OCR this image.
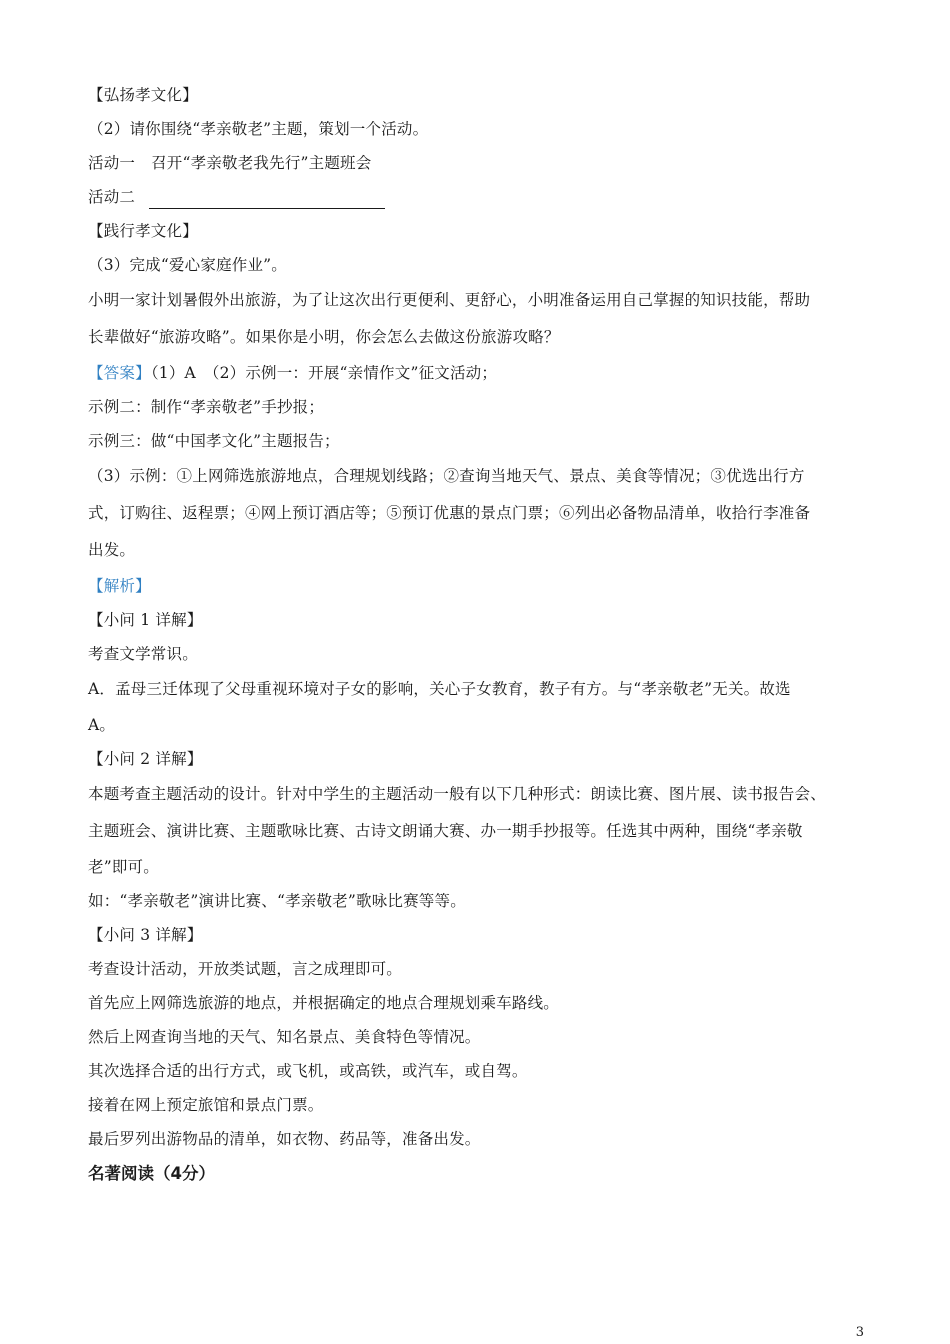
【弘扬孝文化】
（2）请你围绕“孝亲敬老”主题，策划一个活动。
活动一 召开“孝亲敬老我先行”主题班会
活动二
【践行孝文化】
（3）完成“爱心家庭作业”。
小明一家计划暑假外出旅游，为了让这次出行更便利、更舒心，小明准备运用自己掌握的知识技能，帮助
长辈做好“旅游攻略”。如果你是小明，你会怎么去做这份旅游攻略？
【答案】（1）A　（2）示例一：开展“亲情作文”征文活动；
示例二：制作“孝亲敬老”手抄报；
示例三：做“中国孝文化”主题报告；
（3）示例：①上网筛选旅游地点，合理规划线路；②查询当地天气、景点、美食等情况；③优选出行方
式，订购往、返程票；④网上预订酒店等；⑤预订优惠的景点门票；⑥列出必备物品清单，收拾行李准备
出发。
【解析】
【小问 1 详解】
考查文学常识。
A．孟母三迁体现了父母重视环境对子女的影响，关心子女教育，教子有方。与“孝亲敬老”无关。故选
A。
【小问 2 详解】
本题考查主题活动的设计。针对中学生的主题活动一般有以下几种形式：朗读比赛、图片展、读书报告会、
主题班会、演讲比赛、主题歌咏比赛、古诗文朗诵大赛、办一期手抄报等。任选其中两种，围绕“孝亲敬
老”即可。
如：“孝亲敬老”演讲比赛、“孝亲敬老”歌咏比赛等等。
【小问 3 详解】
考查设计活动，开放类试题，言之成理即可。
首先应上网筛选旅游的地点，并根据确定的地点合理规划乘车路线。
然后上网查询当地的天气、知名景点、美食特色等情况。
其次选择合适的出行方式，或飞机，或高铁，或汽车，或自驾。
接着在网上预定旅馆和景点门票。
最后罗列出游物品的清单，如衣物、药品等，准备出发。
名著阅读（4分）
3
